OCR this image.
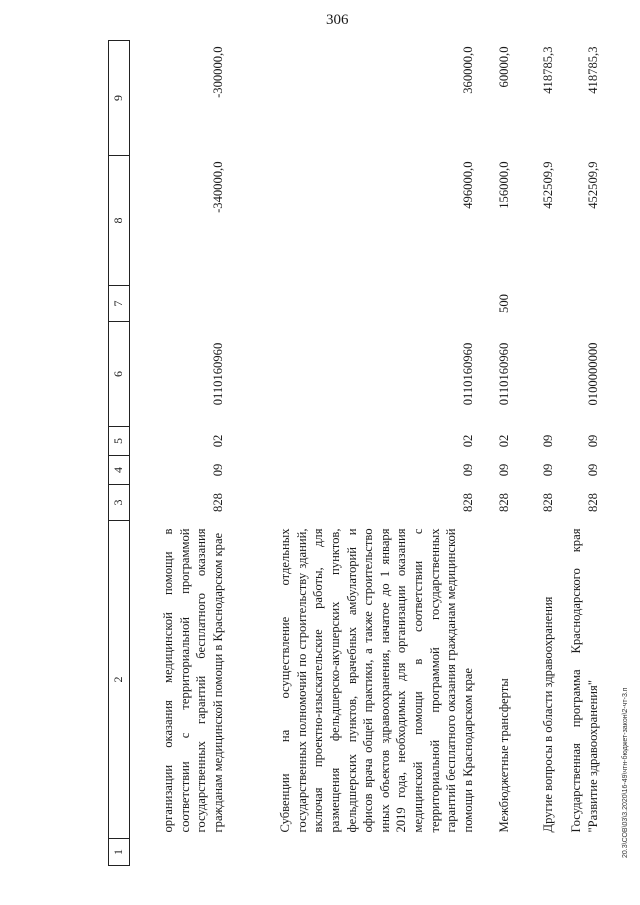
306
1	2	3	4	5	6	7	8	9
	организации оказания медицинской помощи в соответствии с территориальной программой государственных гарантий бесплатного оказания гражданам медицинской помощи в Краснодарском крае	828	09	02	0110160960		-340000,0	-300000,0
	Субвенции на осуществление отдельных государственных полномочий по строительству зданий, включая проектно-изыскательские работы, для размещения фельдшерско-акушерских пунктов, фельдшерских пунктов, врачебных амбулаторий и офисов врача общей практики, а также строительство иных объектов здравоохранения, начатое до 1 января 2019 года, необходимых для организации оказания медицинской помощи в соответствии с территориальной программой государственных гарантий бесплатного оказания гражданам медицинской помощи в Краснодарском крае	828	09	02	0110160960		496000,0	360000,0
	Межбюджетные трансферты	828	09	02	0110160960	500	156000,0	60000,0
	Другие вопросы в области здравоохранения	828	09	09			452509,9	418785,3
	Государственная программа Краснодарского края "Развитие здравоохранения"	828	09	09	0100000000		452509,9	418785,3
20.3\СОВ\03\3.2020\16-49\чтн-бюджет-закон\2-чт-3.п
